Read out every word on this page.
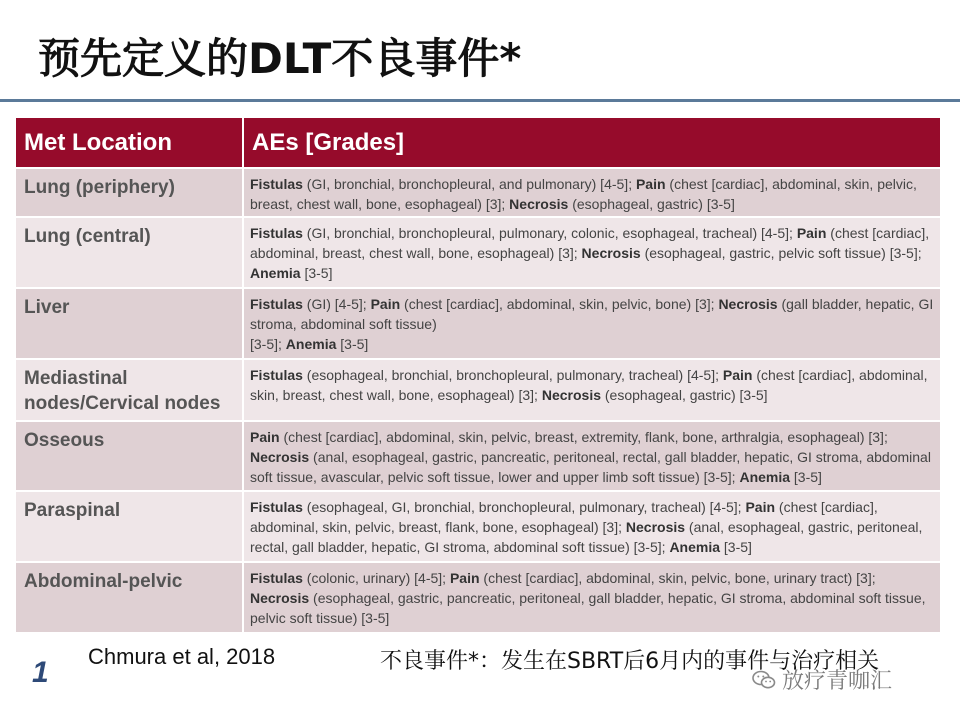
预先定义的DLT不良事件*
Met Location	AEs [Grades]
Lung (periphery)	Fistulas (GI, bronchial, bronchopleural, and pulmonary) [4-5]; Pain (chest [cardiac], abdominal, skin, pelvic, breast, chest wall, bone, esophageal) [3]; Necrosis (esophageal, gastric) [3-5]
Lung (central)	Fistulas (GI, bronchial, bronchopleural, pulmonary, colonic, esophageal, tracheal) [4-5]; Pain (chest [cardiac], abdominal, breast, chest wall, bone, esophageal) [3]; Necrosis (esophageal, gastric, pelvic soft tissue) [3-5]; Anemia [3-5]
Liver	Fistulas (GI) [4-5]; Pain (chest [cardiac], abdominal, skin, pelvic, bone) [3]; Necrosis (gall bladder, hepatic, GI stroma, abdominal soft tissue)
[3-5]; Anemia [3-5]
Mediastinal nodes/Cervical nodes	Fistulas (esophageal, bronchial, bronchopleural, pulmonary, tracheal) [4-5]; Pain (chest [cardiac], abdominal, skin, breast, chest wall, bone, esophageal) [3]; Necrosis (esophageal, gastric) [3-5]
Osseous	Pain (chest [cardiac], abdominal, skin, pelvic, breast, extremity, flank, bone, arthralgia, esophageal) [3]; Necrosis (anal, esophageal, gastric, pancreatic, peritoneal, rectal, gall bladder, hepatic, GI stroma, abdominal soft tissue, avascular, pelvic soft tissue, lower and upper limb soft tissue) [3-5]; Anemia [3-5]
Paraspinal	Fistulas (esophageal, GI, bronchial, bronchopleural, pulmonary, tracheal) [4-5]; Pain (chest [cardiac], abdominal, skin, pelvic, breast, flank, bone, esophageal) [3]; Necrosis (anal, esophageal, gastric, peritoneal, rectal, gall bladder, hepatic, GI stroma, abdominal soft tissue) [3-5]; Anemia [3-5]
Abdominal-pelvic	Fistulas (colonic, urinary) [4-5]; Pain (chest [cardiac], abdominal, skin, pelvic, bone, urinary tract) [3]; Necrosis (esophageal, gastric, pancreatic, peritoneal, gall bladder, hepatic, GI stroma, abdominal soft tissue, pelvic soft tissue) [3-5]
Chmura et al, 2018	不良事件*：发生在SBRT后6月内的事件与治疗相关
1	放疗青咖汇
